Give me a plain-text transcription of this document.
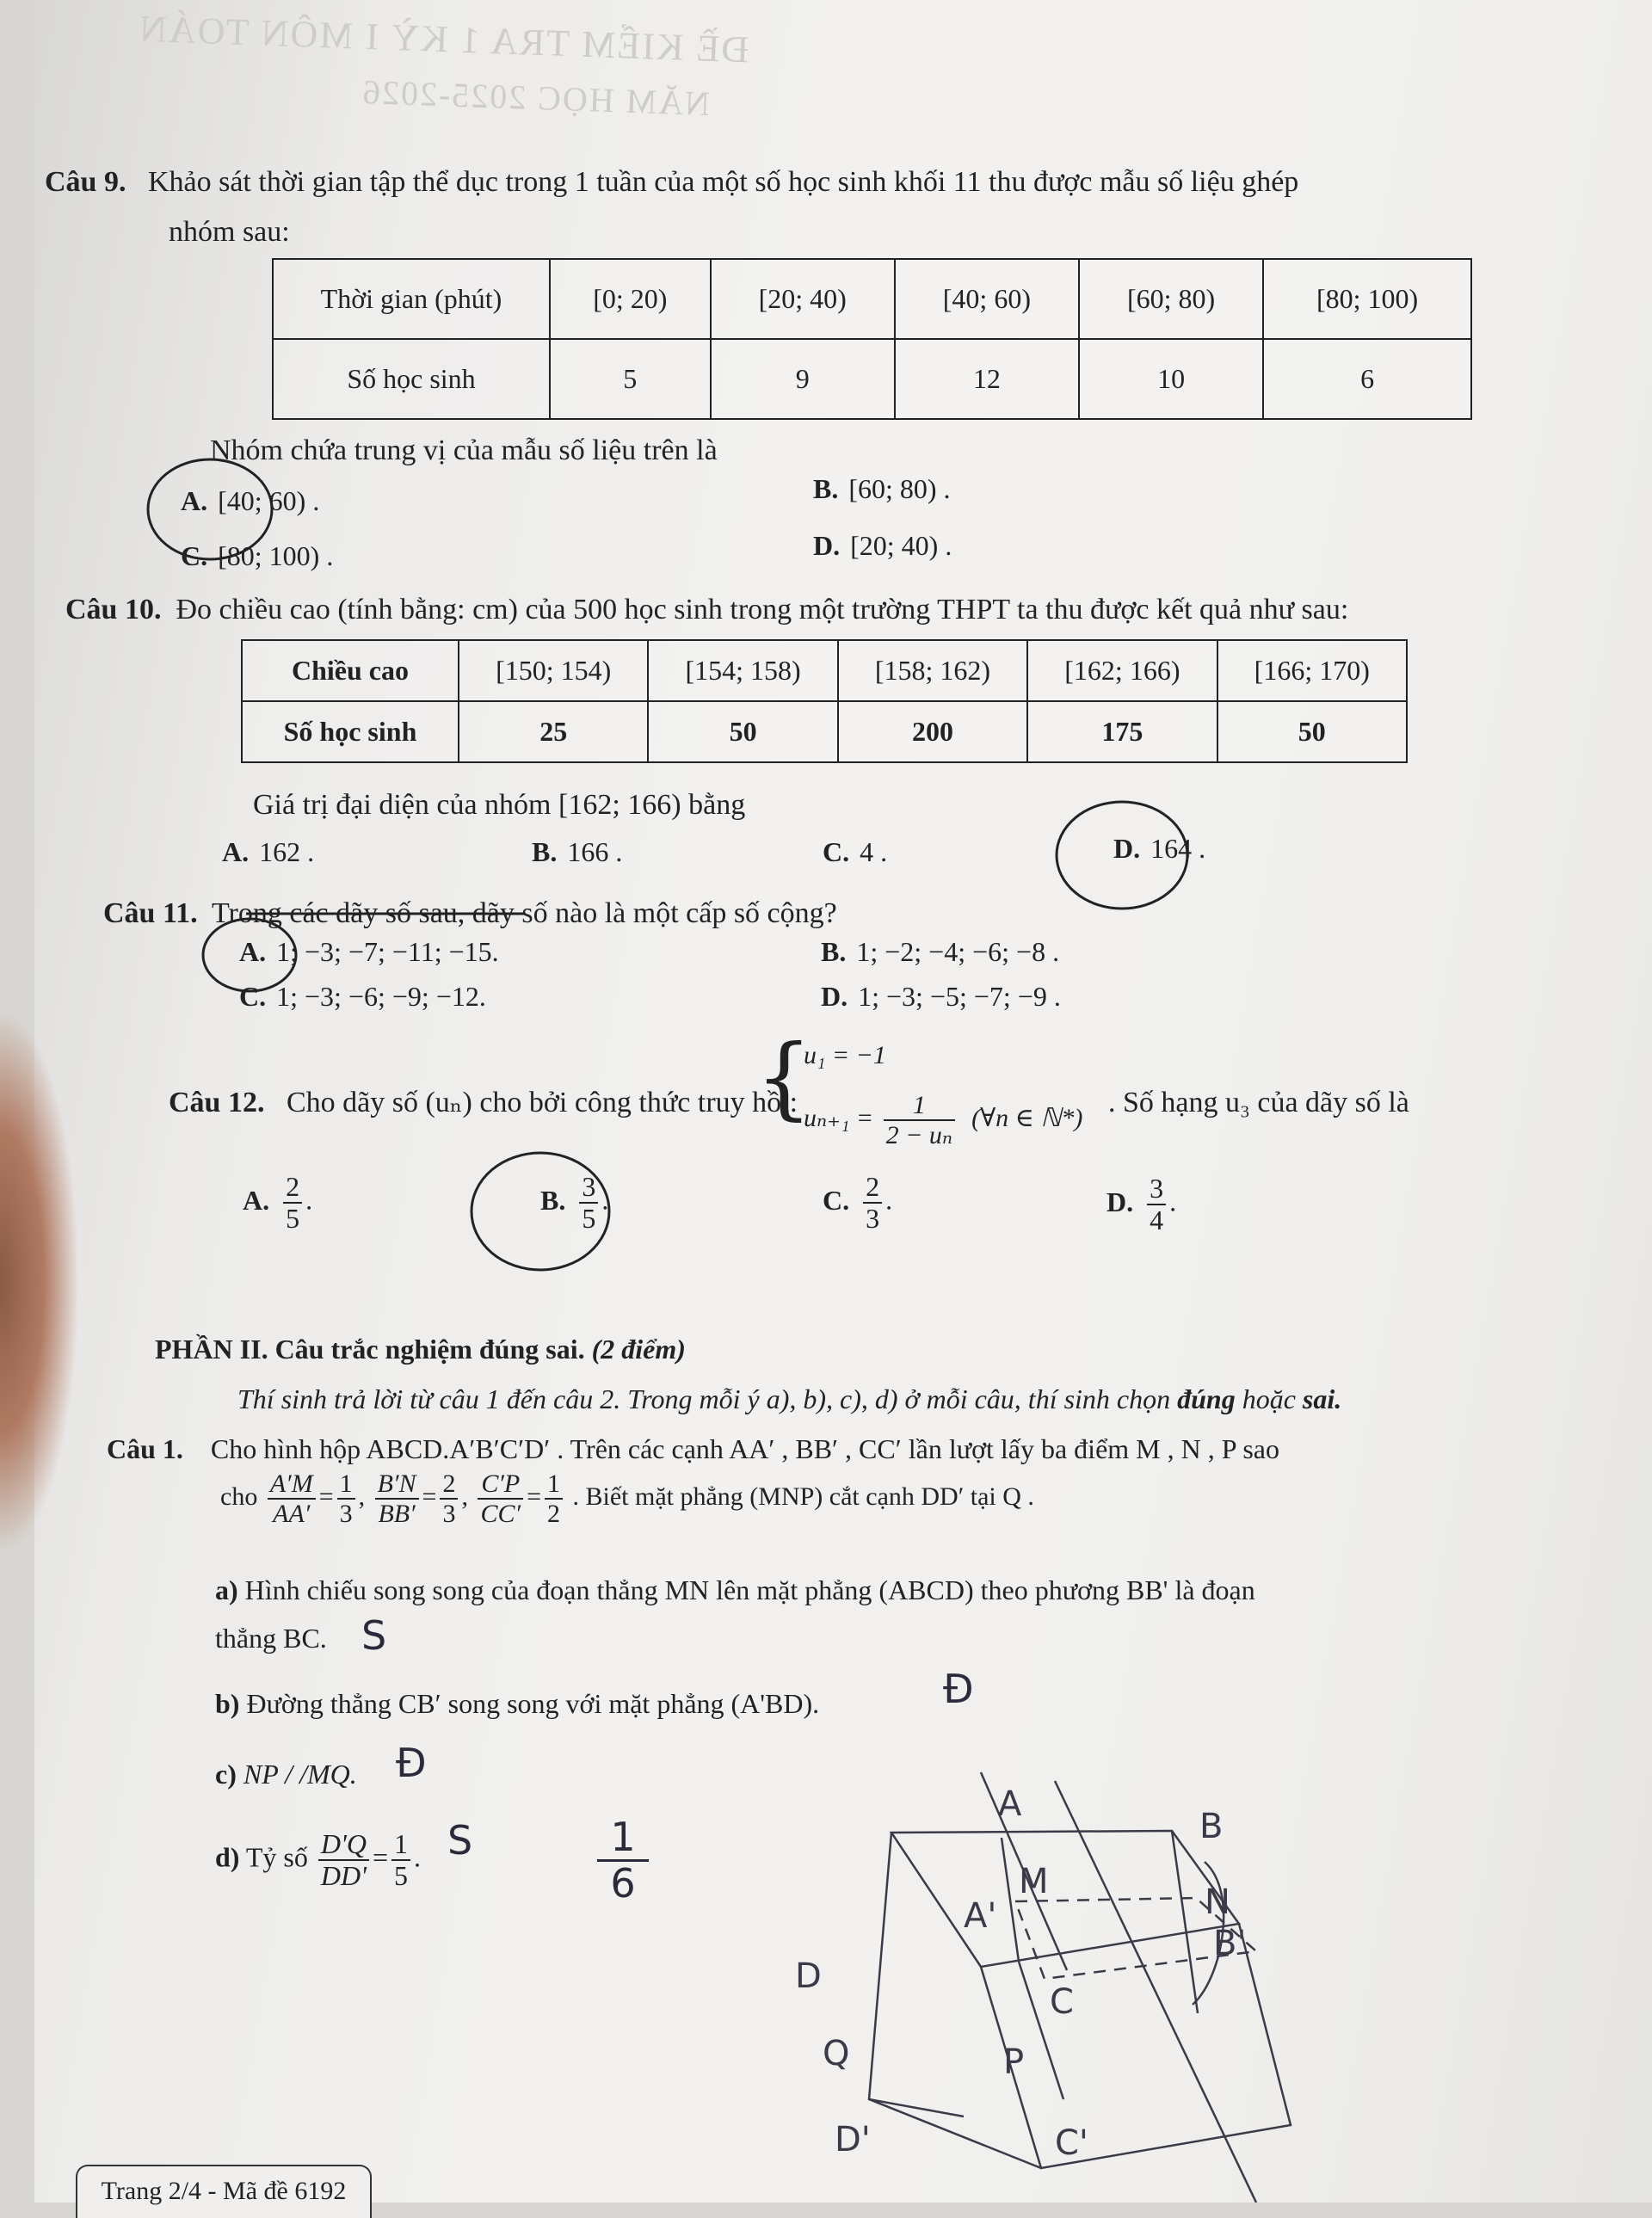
ĐỀ KIỂM TRA 1 KỲ I MÔN TOÁN
NĂM HỌC 2025-2026
Câu 9. Khảo sát thời gian tập thể dục trong 1 tuần của một số học sinh khối 11 thu được mẫu số liệu ghép
nhóm sau:
Thời gian (phút)	[0; 20)	[20; 40)	[40; 60)	[60; 80)	[80; 100)
Số học sinh	5	9	12	10	6
Nhóm chứa trung vị của mẫu số liệu trên là
A. [40; 60) .	B. [60; 80) .
C. [80; 100) .	D. [20; 40) .
Câu 10. Đo chiều cao (tính bằng: cm) của 500 học sinh trong một trường THPT ta thu được kết quả như sau:
Chiều cao	[150; 154)	[154; 158)	[158; 162)	[162; 166)	[166; 170)
Số học sinh	25	50	200	175	50
Giá trị đại diện của nhóm [162; 166) bằng
A. 162 .	B. 166 .	C. 4 .	D. 164 .
Câu 11. Trong các dãy số sau, dãy số nào là một cấp số cộng?
A. 1; −3; −7; −11; −15.	B. 1; −2; −4; −6; −8 .
C. 1; −3; −6; −9; −12.	D. 1; −3; −5; −7; −9 .
Câu 12. Cho dãy số (uₙ) cho bởi công thức truy hồi:
{
u₁ = −1
$u_{n+1} = \frac{1}{\text{2 − uₙ}}$ (∀n ∈ ℕ*) . Số hạng u₃ của dãy số là
A. $\frac{2}{5}$ .	B. $\frac{3}{5}$ .	C. $\frac{2}{3}$ .	D. $\frac{3}{4}$ .
PHẦN II. Câu trắc nghiệm đúng sai. (2 điểm)
Thí sinh trả lời từ câu 1 đến câu 2. Trong mỗi ý a), b), c), d) ở mỗi câu, thí sinh chọn đúng hoặc sai.
Câu 1. Cho hình hộp ABCD.A′B′C′D′ . Trên các cạnh AA′ , BB′ , CC′ lần lượt lấy ba điểm M , N , P sao
cho $\frac{A'M}{AA'} = \frac{1}{3}$ , $\frac{B'N}{BB'} = \frac{2}{3}$ , $\frac{C'P}{CC'} = \frac{1}{2}$ . Biết mặt phẳng (MNP) cắt cạnh DD′ tại Q .
a) Hình chiếu song song của đoạn thẳng MN lên mặt phẳng (ABCD) theo phương BB' là đoạn
thẳng BC.
b) Đường thẳng CB′ song song với mặt phẳng (A'BD).
c) NP / /MQ.
d) Tỷ số $\frac{D'Q}{DD'} = \frac{1}{5}$ .
S
Đ
Đ
S	$\frac{1}{6}$
A
B
M
A'	N
B'
C
D
Q	P
D'	C'
Trang 2/4 - Mã đề 6192
